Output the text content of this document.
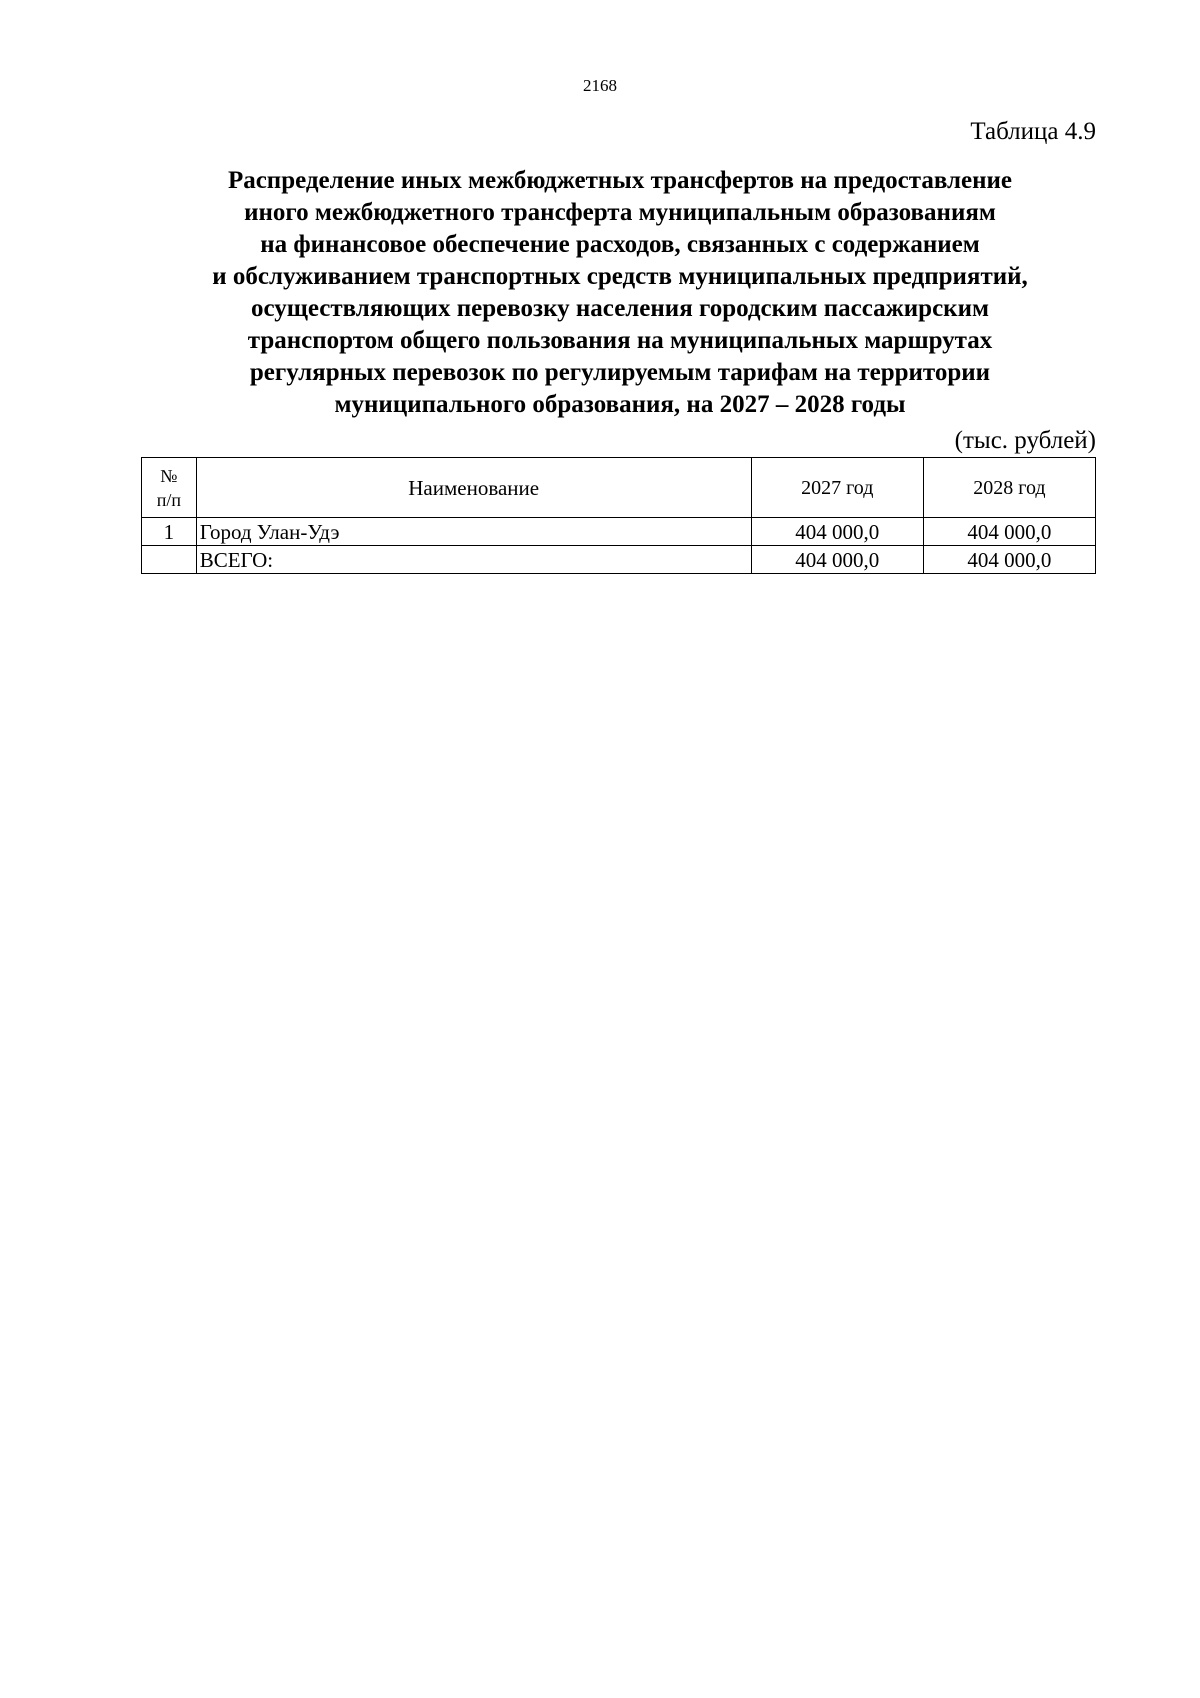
2168
Таблица 4.9
Распределение иных межбюджетных трансфертов на предоставление
иного межбюджетного трансферта муниципальным образованиям
на финансовое обеспечение расходов, связанных с содержанием
и обслуживанием транспортных средств муниципальных предприятий,
осуществляющих перевозку населения городским пассажирским
транспортом общего пользования на муниципальных маршрутах
регулярных перевозок по регулируемым тарифам на территории
муниципального образования, на 2027 – 2028 годы
(тыс. рублей)
№
п/п	Наименование	2027 год	2028 год
1	Город Улан-Удэ	404 000,0	404 000,0
	ВСЕГО:	404 000,0	404 000,0
